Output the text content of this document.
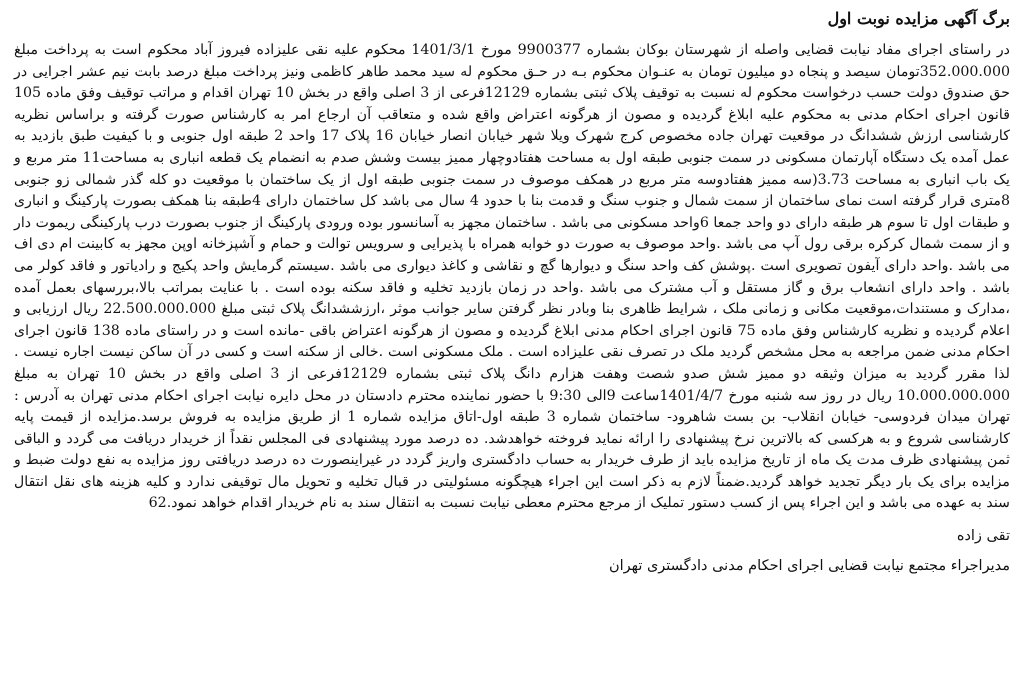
برگ آگهی مزایده نوبت اول

در راستای اجرای مفاد نیابت قضایی واصله از شهرستان بوکان بشماره 9900377 مورخ 1401/3/1 محکوم علیه نقی علیزاده فیروز آباد محکوم است به پرداخت مبلغ 352.000.000تومان سیصد و پنجاه دو میلیون تومان به عنـوان محکوم بـه در حـق محکوم له سید محمد طاهر کاظمی ونیز پرداخت مبلغ درصد بابت نیم عشر اجرایی در حق صندوق دولت حسب درخواست محکوم له نسبت به توقیف پلاک ثبتی بشماره 12129فرعی از 3 اصلی واقع در بخش 10 تهران اقدام و مراتب توقیف وفق ماده 105 قانون اجرای احکام مدنی به محکوم علیه ابلاغ گردیده و مصون از هرگونه اعتراض واقع شده و متعاقب آن ارجاع امر به کارشناس صورت گرفته و براساس نظریه کارشناسی ارزش ششدانگ در موقعیت تهران جاده مخصوص کرج شهرک ویلا شهر خیابان انصار خیابان 16 پلاک 17 واحد 2 طبقه اول جنوبی و با کیفیت طبق بازدید به عمل آمده یک دستگاه آپارتمان مسکونی در سمت جنوبی طبقه اول به مساحت هفتادوچهار ممیز بیست وشش صدم به انضمام یک قطعه انباری به مساحت11 متر مربع و یک باب انباری به مساحت 3.73(سه ممیز هفتادوسه متر مربع در همکف موصوف در سمت جنوبی طبقه اول از یک ساختمان با موقعیت دو کله گذر شمالی زو جنوبی 8متری قرار گرفته است نمای ساختمان از سمت شمال و جنوب سنگ و قدمت بنا با حدود 4 سال می باشد کل ساختمان دارای 4طبقه بنا همکف بصورت پارکینگ و انباری و طبقات اول تا سوم هر طبقه دارای دو واحد جمعا 6واحد مسکونی می باشد . ساختمان مجهز به آسانسور بوده ورودی پارکینگ از جنوب بصورت درب پارکینگی ریموت دار و از سمت شمال کرکره برقی رول آپ می باشد .واحد موصوف به صورت دو خوابه همراه با پذیرایی و سرویس توالت و حمام و آشپزخانه اوپن مجهز به کابینت ام دی اف می باشد .واحد دارای آیفون تصویری است .پوشش کف واحد سنگ و دیوارها گچ و نقاشی و کاغذ دیواری می باشد .سیستم گرمایش واحد پکیج و رادیاتور و فاقد کولر می باشد . واحد دارای انشعاب برق و گاز مستقل و آب مشترک می باشد .واحد در زمان بازدید تخلیه و فاقد سکنه بوده است . با عنایت بمراتب بالا،بررسهای بعمل آمده ،مدارک و مستندات،موقعیت مکانی و زمانی ملک ، شرایط ظاهری بنا وبادر نظر گرفتن سایر جوانب موثر ،ارزششدانگ پلاک ثبتی مبلغ 22.500.000.000 ریال ارزیابی و اعلام گردیده و نظریه کارشناس وفق ماده 75 قانون اجرای احکام مدنی ابلاغ گردیده و مصون از هرگونه اعتراض باقی -مانده است و در راستای ماده 138 قانون اجرای احکام مدنی ضمن مراجعه به محل مشخص گردید ملک در تصرف نقی علیزاده است . ملک مسکونی است .خالی از سکنه است و کسی در آن ساکن نیست اجاره نیست . لذا مقرر گردید به میزان وثیقه دو ممیز شش صدو شصت وهفت هزارم دانگ پلاک ثبتی بشماره 12129فرعی از 3 اصلی واقع در بخش 10 تهران به مبلغ 10.000.000.000 ریال در روز سه شنبه مورخ 1401/4/7ساعت 9الی 9:30 با حضور نماینده محترم دادستان در محل دایره نیابت اجرای احکام مدنی تهران به آدرس : تهران میدان فردوسی- خیابان انقلاب- بن بست شاهرود- ساختمان شماره 3 طبقه اول-اتاق مزایده شماره 1 از طریق مزایده به فروش برسد.مزایده از قیمت پایه کارشناسی شروع و به هرکسی که بالاترین نرخ پیشنهادی را ارائه نماید فروخته خواهدشد. ده درصد مورد پیشنهادی فی المجلس نقداً از خریدار دریافت می گردد و الباقی ثمن پیشنهادی ظرف مدت یک ماه از تاریخ مزایده باید از طرف خریدار به حساب دادگستری واریز گردد در غیراینصورت ده درصد دریافتی روز مزایده به نفع دولت ضبط و مزایده برای یک بار دیگر تجدید خواهد گردید.ضمناً لازم به ذکر است این اجراء هیچگونه مسئولیتی در قبال تخلیه و تحویل مال توقیفی ندارد و کلیه هزینه های نقل انتقال سند به عهده می باشد و این اجراء پس از کسب دستور تملیک از مرجع محترم معطی نیابت نسبت به انتقال سند به نام خریدار اقدام خواهد نمود.62

تقی زاده
مدیراجراء مجتمع نیابت قضایی اجرای احکام مدنی دادگستری تهران
